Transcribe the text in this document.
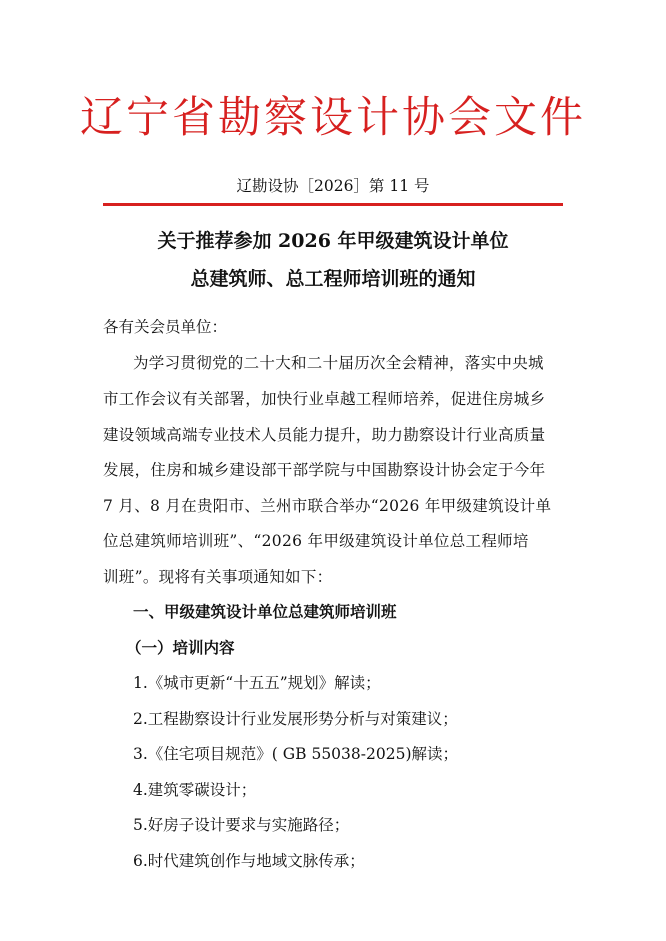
辽宁省勘察设计协会文件
辽勘设协［2026］第 11 号
关于推荐参加 2026 年甲级建筑设计单位
总建筑师、总工程师培训班的通知
各有关会员单位：
为学习贯彻党的二十大和二十届历次全会精神，落实中央城
市工作会议有关部署，加快行业卓越工程师培养，促进住房城乡
建设领域高端专业技术人员能力提升，助力勘察设计行业高质量
发展，住房和城乡建设部干部学院与中国勘察设计协会定于今年
7 月、8 月在贵阳市、兰州市联合举办“2026 年甲级建筑设计单
位总建筑师培训班”、“2026 年甲级建筑设计单位总工程师培
训班”。现将有关事项通知如下：
一、甲级建筑设计单位总建筑师培训班
（一）培训内容
1.《城市更新“十五五”规划》解读；
2.工程勘察设计行业发展形势分析与对策建议；
3.《住宅项目规范》( GB 55038-2025)解读；
4.建筑零碳设计；
5.好房子设计要求与实施路径；
6.时代建筑创作与地域文脉传承；
